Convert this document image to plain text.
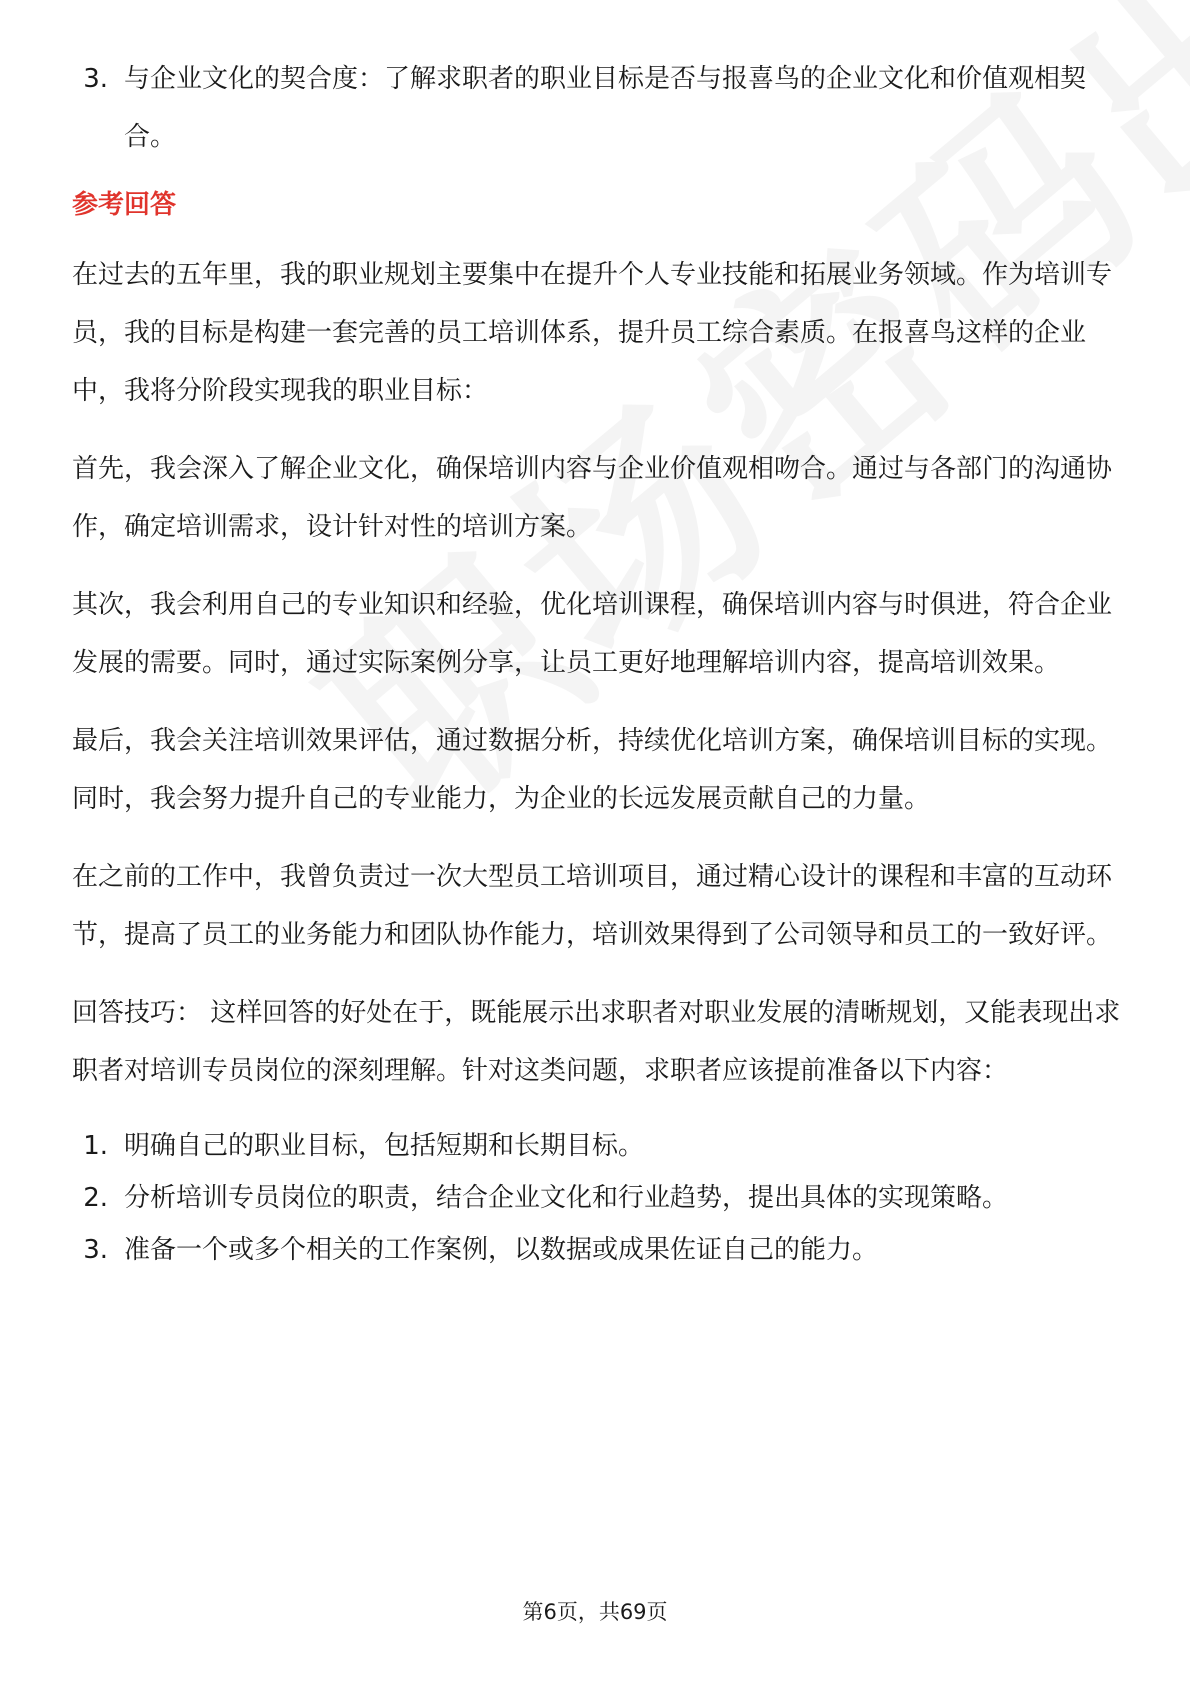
3. 与企业文化的契合度：了解求职者的职业目标是否与报喜鸟的企业文化和价值观相契合。
参考回答

在过去的五年里，我的职业规划主要集中在提升个人专业技能和拓展业务领域。作为培训专员，我的目标是构建一套完善的员工培训体系，提升员工综合素质。在报喜鸟这样的企业中，我将分阶段实现我的职业目标：

首先，我会深入了解企业文化，确保培训内容与企业价值观相吻合。通过与各部门的沟通协作，确定培训需求，设计针对性的培训方案。

其次，我会利用自己的专业知识和经验，优化培训课程，确保培训内容与时俱进，符合企业发展的需要。同时，通过实际案例分享，让员工更好地理解培训内容，提高培训效果。

最后，我会关注培训效果评估，通过数据分析，持续优化培训方案，确保培训目标的实现。同时，我会努力提升自己的专业能力，为企业的长远发展贡献自己的力量。

在之前的工作中，我曾负责过一次大型员工培训项目，通过精心设计的课程和丰富的互动环节，提高了员工的业务能力和团队协作能力，培训效果得到了公司领导和员工的一致好评。

回答技巧： 这样回答的好处在于，既能展示出求职者对职业发展的清晰规划，又能表现出求职者对培训专员岗位的深刻理解。针对这类问题，求职者应该提前准备以下内容：

1. 明确自己的职业目标，包括短期和长期目标。
2. 分析培训专员岗位的职责，结合企业文化和行业趋势，提出具体的实现策略。
3. 准备一个或多个相关的工作案例，以数据或成果佐证自己的能力。
第6页，共69页
